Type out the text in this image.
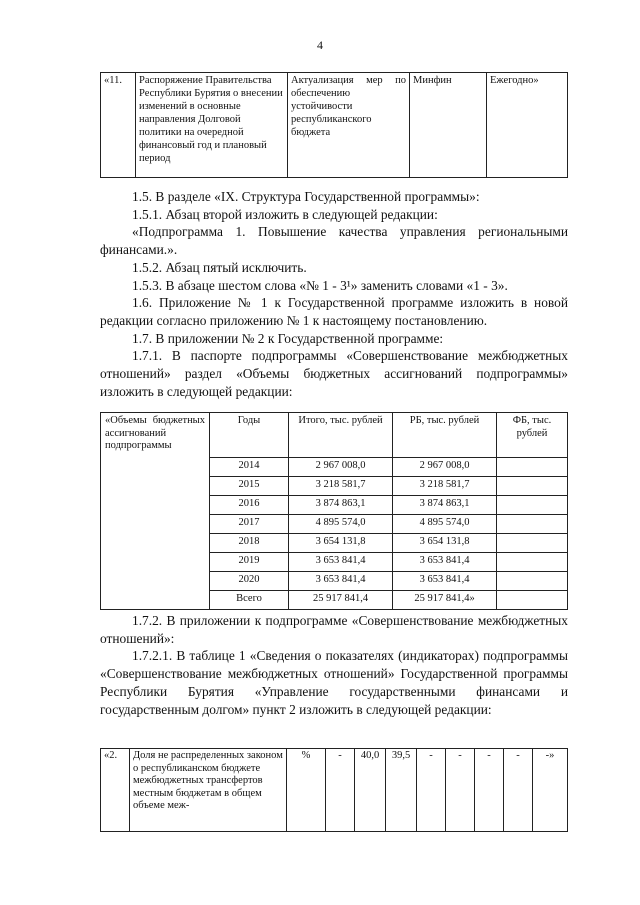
4
«11.	Распоряжение Правительства Республики Бурятия о внесении изменений в основные направления Долговой политики на очередной финансовый год и плановый период	Актуализация мер по обеспечению устойчивости республиканского бюджета	Минфин	Ежегодно»

1.5. В разделе «IX. Структура Государственной программы»:

1.5.1. Абзац второй изложить в следующей редакции:

«Подпрограмма 1. Повышение качества управления региональными финансами.».

1.5.2. Абзац пятый исключить.

1.5.3. В абзаце шестом слова «№ 1 - 3¹» заменить словами «1 - 3».

1.6. Приложение № 1 к Государственной программе изложить в новой редакции согласно приложению № 1 к настоящему постановлению.

1.7. В приложении № 2 к Государственной программе:

1.7.1. В паспорте подпрограммы «Совершенствование межбюджетных отношений» раздел «Объемы бюджетных ассигнований подпрограммы» изложить в следующей редакции:

«Объемы бюджетных ассигнований подпрограммы	Годы	Итого, тыс. рублей	РБ, тыс. рублей	ФБ, тыс. рублей
	2014	2 967 008,0	2 967 008,0	
	2015	3 218 581,7	3 218 581,7	
	2016	3 874 863,1	3 874 863,1	
	2017	4 895 574,0	4 895 574,0	
	2018	3 654 131,8	3 654 131,8	
	2019	3 653 841,4	3 653 841,4	
	2020	3 653 841,4	3 653 841,4	
	Всего	25 917 841,4	25 917 841,4»	

1.7.2. В приложении к подпрограмме «Совершенствование межбюджетных отношений»:

1.7.2.1. В таблице 1 «Сведения о показателях (индикаторах) подпрограммы «Совершенствование межбюджетных отношений» Государственной программы Республики Бурятия «Управление государственными финансами и государственным долгом» пункт 2 изложить в следующей редакции:

«2.	Доля не распределенных законом о республиканском бюджете межбюджетных трансфертов местным бюджетам в общем объеме меж-	%	-	40,0	39,5	-	-	-	-	-»
